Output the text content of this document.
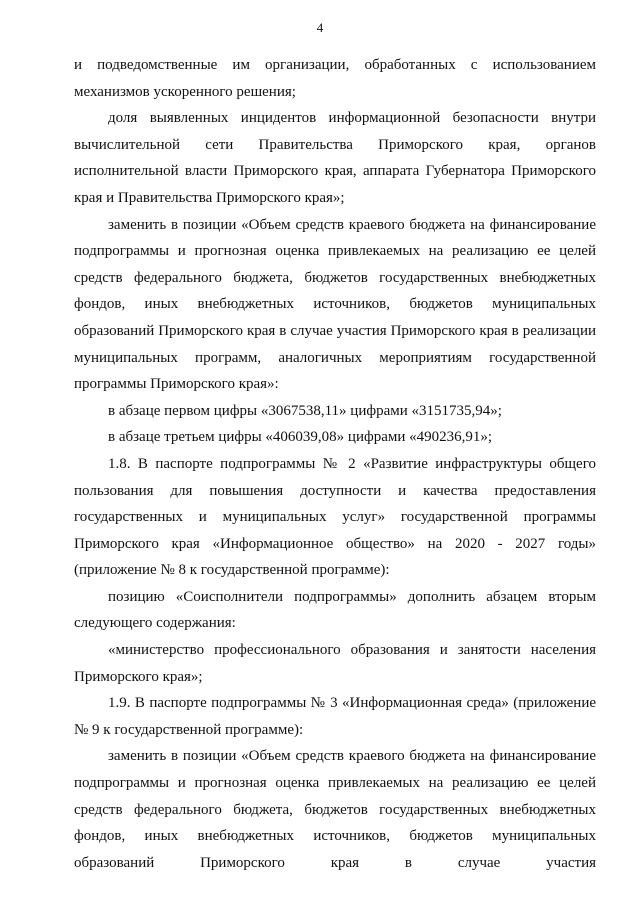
4

и подведомственные им организации, обработанных с использованием механизмов ускоренного решения;

доля выявленных инцидентов информационной безопасности внутри вычислительной сети Правительства Приморского края, органов исполнительной власти Приморского края, аппарата Губернатора Приморского края и Правительства Приморского края»;

заменить в позиции «Объем средств краевого бюджета на финансирование подпрограммы и прогнозная оценка привлекаемых на реализацию ее целей средств федерального бюджета, бюджетов государственных внебюджетных фондов, иных внебюджетных источников, бюджетов муниципальных образований Приморского края в случае участия Приморского края в реализации муниципальных программ, аналогичных мероприятиям государственной программы Приморского края»:

в абзаце первом цифры «3067538,11» цифрами «3151735,94»;

в абзаце третьем цифры «406039,08» цифрами «490236,91»;

1.8. В паспорте подпрограммы № 2 «Развитие инфраструктуры общего пользования для повышения доступности и качества предоставления государственных и муниципальных услуг» государственной программы Приморского края «Информационное общество» на 2020 - 2027 годы» (приложение № 8 к государственной программе):

позицию «Соисполнители подпрограммы» дополнить абзацем вторым следующего содержания:

«министерство профессионального образования и занятости населения Приморского края»;

1.9. В паспорте подпрограммы № 3 «Информационная среда» (приложение № 9 к государственной программе):

заменить в позиции «Объем средств краевого бюджета на финансирование подпрограммы и прогнозная оценка привлекаемых на реализацию ее целей средств федерального бюджета, бюджетов государственных внебюджетных фондов, иных внебюджетных источников, бюджетов муниципальных образований Приморского края в случае участия
